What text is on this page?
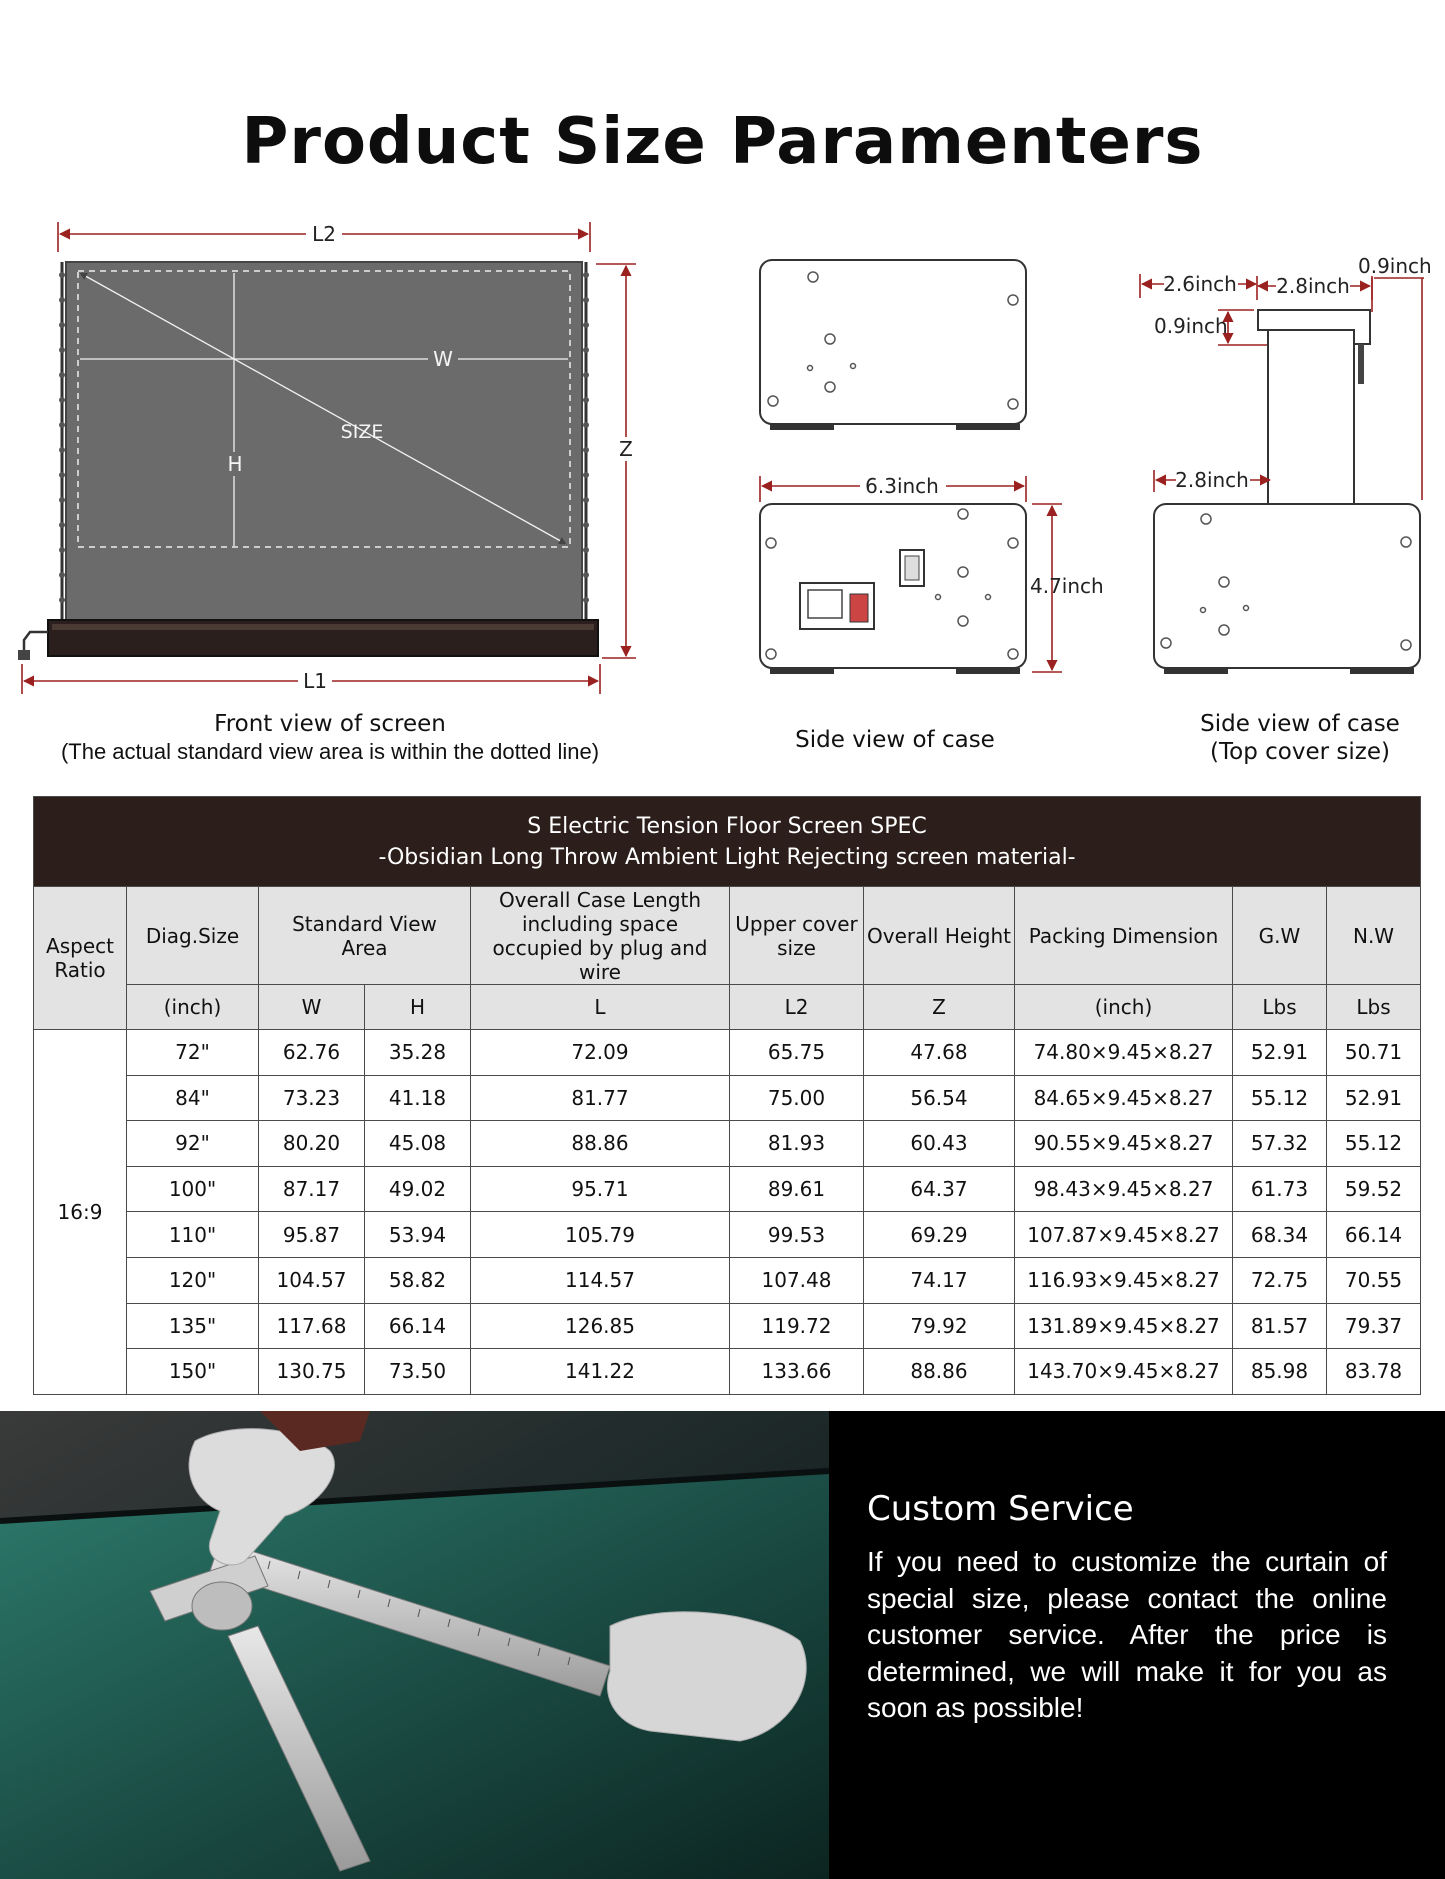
Product Size Paramenters
L2
W
H
SIZE
Z
L1
6.3inch
4.7inch
2.6inch 2.8inch
0.9inch
0.9inch
2.8inch
Front view of screen
(The actual standard view area is within the dotted line)	Side view of case
Side view of case
(Top cover size)
S Electric Tension Floor Screen SPEC
-Obsidian Long Throw Ambient Light Rejecting screen material-									

Aspect Ratio	Diag.Size	Standard View Area		Overall Case Length including space occupied by plug and wire	Upper cover size	Overall Height	Packing Dimension	G.W	N.W
	(inch)	W	H	L	L2	Z	(inch)	Lbs	Lbs
16:9	72"	62.76	35.28	72.09	65.75	47.68	74.80×9.45×8.27	52.91	50.71
	84"	73.23	41.18	81.77	75.00	56.54	84.65×9.45×8.27	55.12	52.91
	92"	80.20	45.08	88.86	81.93	60.43	90.55×9.45×8.27	57.32	55.12
	100"	87.17	49.02	95.71	89.61	64.37	98.43×9.45×8.27	61.73	59.52
	110"	95.87	53.94	105.79	99.53	69.29	107.87×9.45×8.27	68.34	66.14
	120"	104.57	58.82	114.57	107.48	74.17	116.93×9.45×8.27	72.75	70.55
	135"	117.68	66.14	126.85	119.72	79.92	131.89×9.45×8.27	81.57	79.37
	150"	130.75	73.50	141.22	133.66	88.86	143.70×9.45×8.27	85.98	83.78
Custom Service
If you need to customize the curtain of special size, please contact the online customer service. After the price is determined, we will make it for you as soon as possible!
